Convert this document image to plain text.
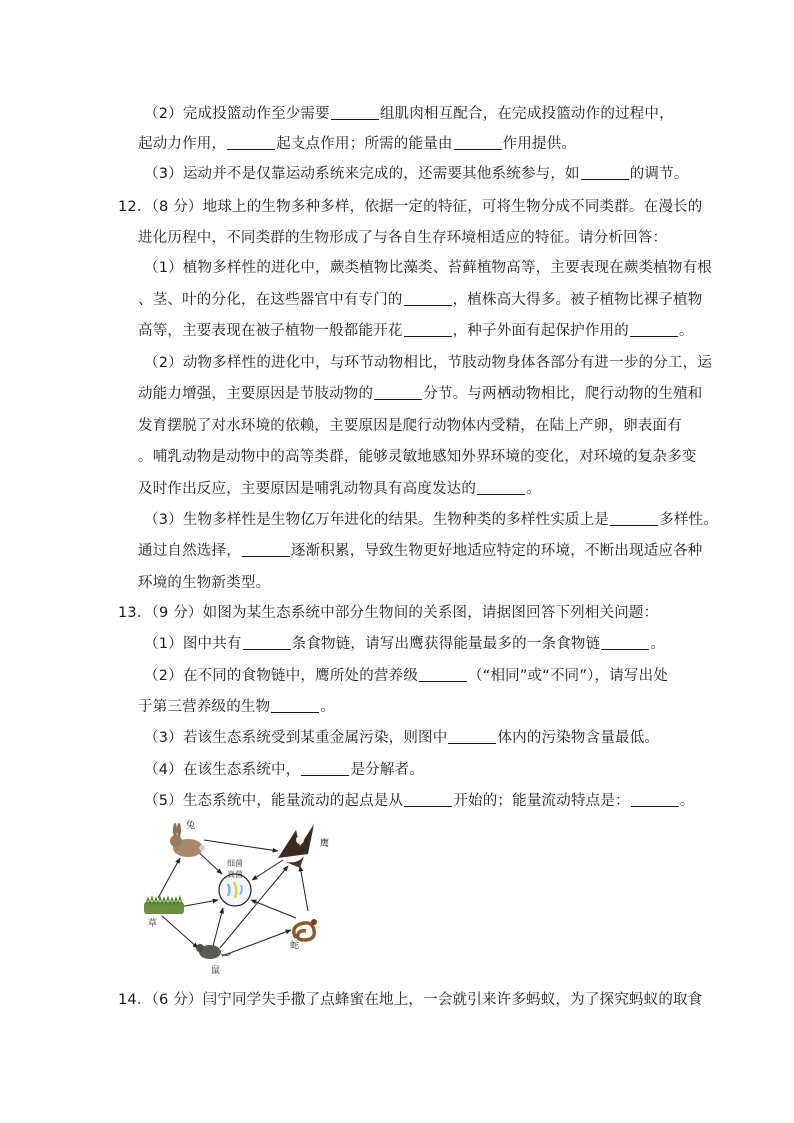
（2）完成投篮动作至少需要	组肌肉相互配合，在完成投篮动作的过程中，
起动力作用，	起支点作用；所需的能量由	作用提供。
（3）运动并不是仅靠运动系统来完成的，还需要其他系统参与，如	的调节。
12．（8 分）地球上的生物多种多样，依据一定的特征，可将生物分成不同类群。在漫长的
进化历程中，不同类群的生物形成了与各自生存环境相适应的特征。请分析回答：
（1）植物多样性的进化中，蕨类植物比藻类、苔藓植物高等，主要表现在蕨类植物有根
、茎、叶的分化，在这些器官中有专门的	，植株高大得多。被子植物比裸子植物
高等，主要表现在被子植物一般都能开花	，种子外面有起保护作用的	。
（2）动物多样性的进化中，与环节动物相比，节肢动物身体各部分有进一步的分工，运
动能力增强，主要原因是节肢动物的	分节。与两栖动物相比，爬行动物的生殖和
发育摆脱了对水环境的依赖，主要原因是爬行动物体内受精，在陆上产卵，卵表面有
。哺乳动物是动物中的高等类群，能够灵敏地感知外界环境的变化，对环境的复杂多变
及时作出反应，主要原因是哺乳动物具有高度发达的	。
（3）生物多样性是生物亿万年进化的结果。生物种类的多样性实质上是	多样性。
通过自然选择，	逐渐积累，导致生物更好地适应特定的环境，不断出现适应各种
环境的生物新类型。
13．（9 分）如图为某生态系统中部分生物间的关系图，请据图回答下列相关问题：
（1）图中共有	条食物链，请写出鹰获得能量最多的一条食物链	。
（2）在不同的食物链中，鹰所处的营养级	（“相同”或“不同”），请写出处
于第三营养级的生物	。
（3）若该生态系统受到某重金属污染，则图中	体内的污染物含量最低。
（4）在该生态系统中，	是分解者。
（5）生态系统中，能量流动的起点是从	开始的；能量流动特点是：	。
细菌
真菌
兔
鹰
草
鼠
蛇
14．（6 分）闫宁同学失手撒了点蜂蜜在地上，一会就引来许多蚂蚁，为了探究蚂蚁的取食
